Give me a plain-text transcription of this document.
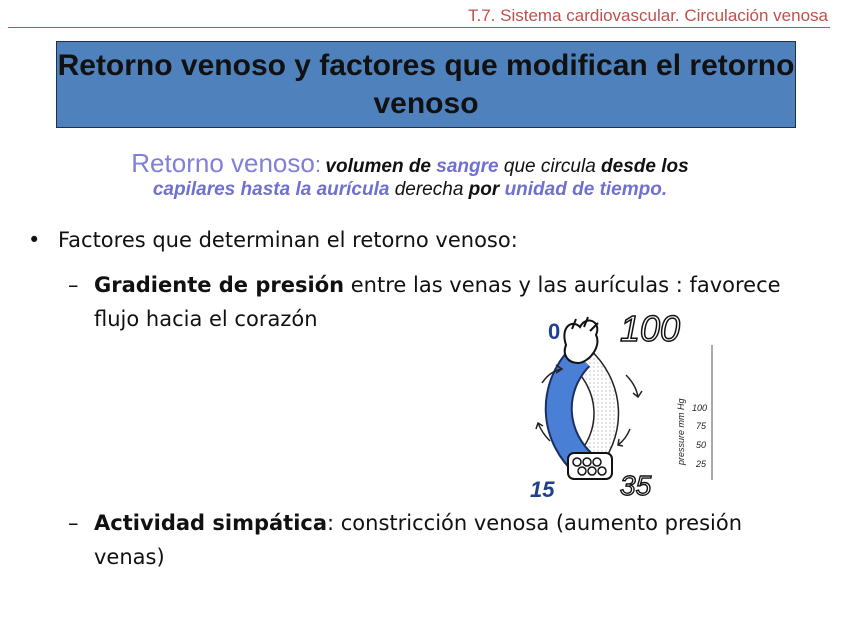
T.7. Sistema cardiovascular. Circulación venosa
Retorno venoso y factores que modifican el retorno venoso
Retorno venoso: volumen de sangre que circula desde los
capilares hasta la aurícula derecha por unidad de tiempo.
• Factores que determinan el retorno venoso:
– Gradiente de presión entre las venas y las aurículas : favorece flujo hacia el corazón
– Actividad simpática: constricción venosa (aumento presión venas)
0 100
15 35
pressure mm Hg 100
75
50
25
